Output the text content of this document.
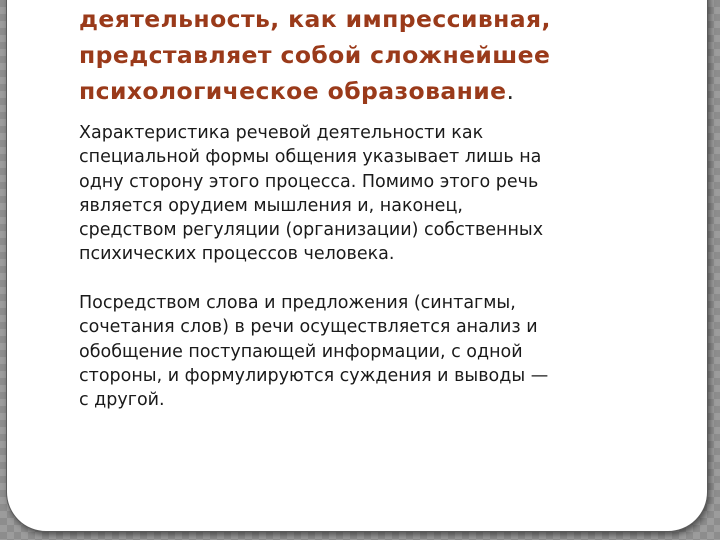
деятельность, как импрессивная,
представляет собой сложнейшее
психологическое образование.

Характеристика речевой деятельности как
специальной формы общения указывает лишь на
одну сторону этого процесса. Помимо этого речь
является орудием мышления и, наконец,
средством регуляции (организации) собственных
психических процессов человека.

Посредством слова и предложения (синтагмы,
сочетания слов) в речи осуществляется анализ и
обобщение поступающей информации, с одной
стороны, и формулируются суждения и выводы —
с другой.
